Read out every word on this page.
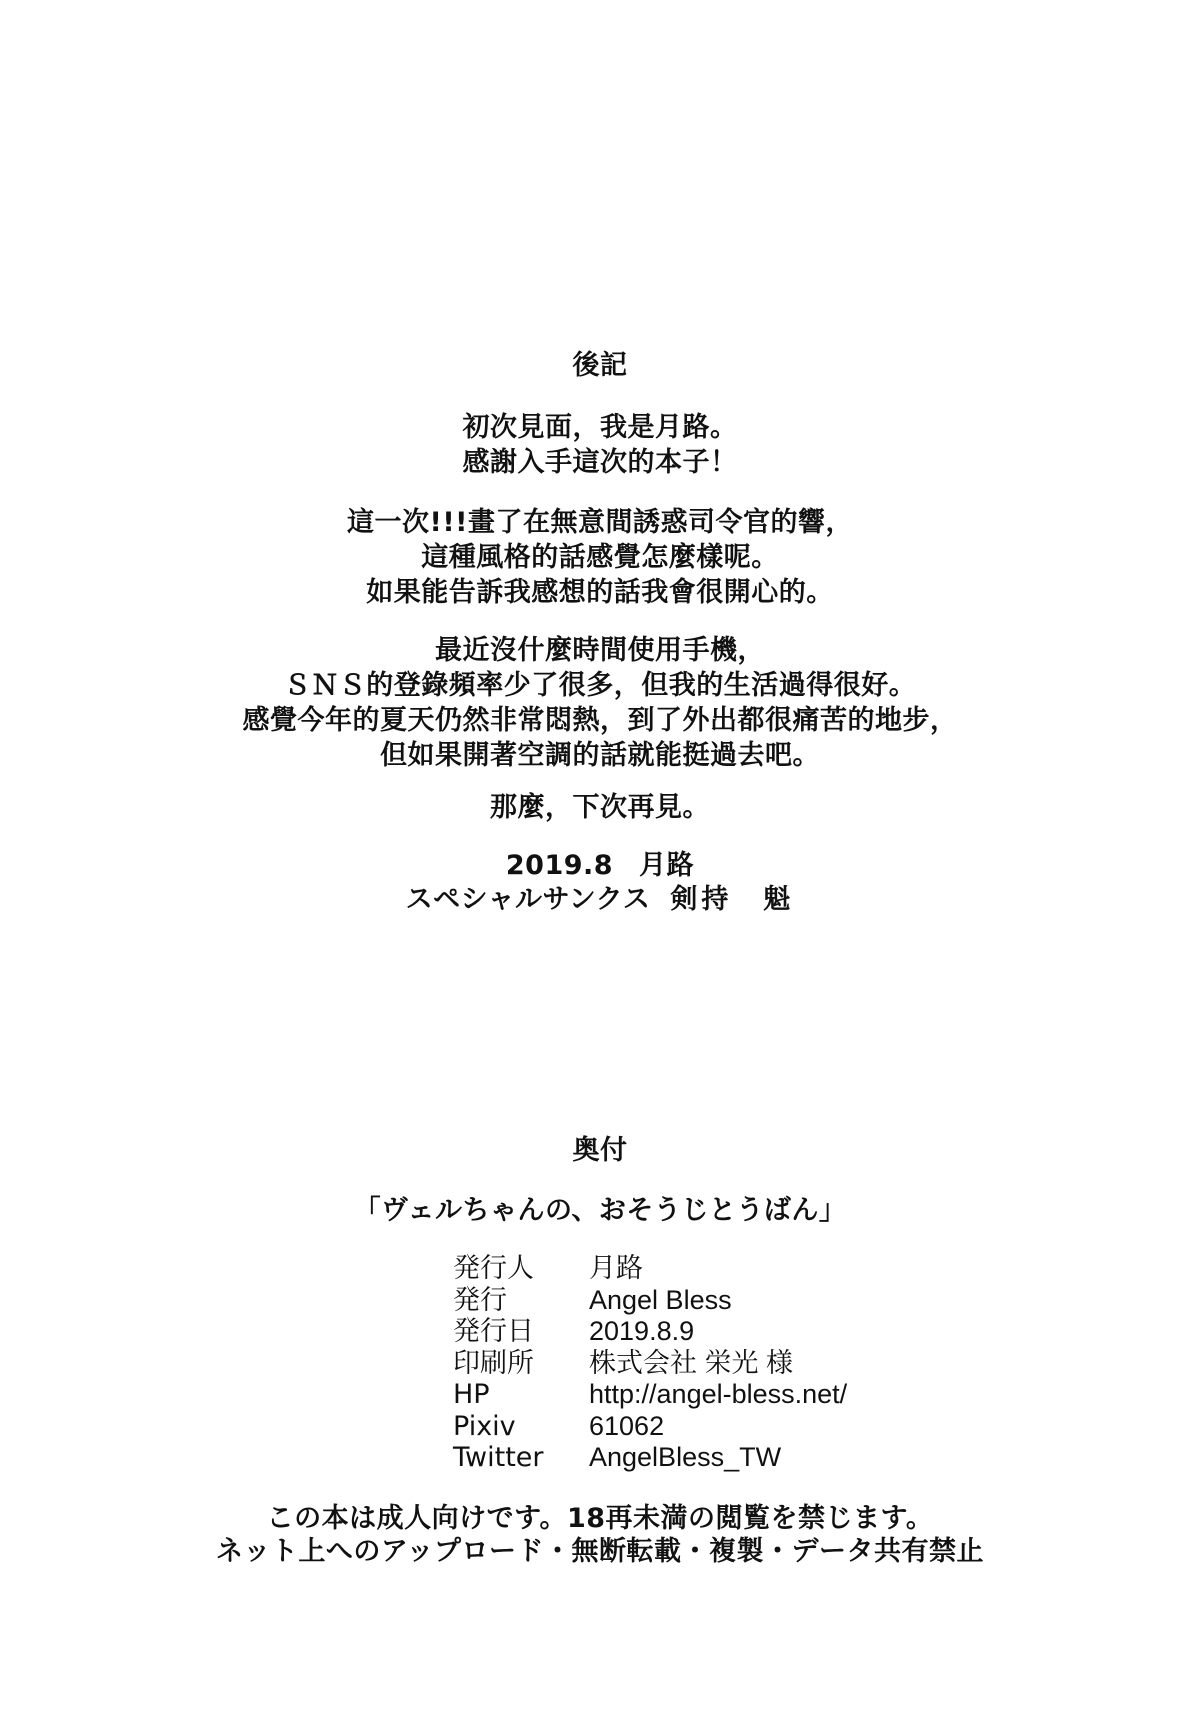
後記
初次見面，我是月路。
感謝入手這次的本子！
這一次!!!畫了在無意間誘惑司令官的響，
這種風格的話感覺怎麼樣呢。
如果能告訴我感想的話我會很開心的。
最近沒什麼時間使用手機，
ＳＮＳ的登錄頻率少了很多，但我的生活過得很好。
感覺今年的夏天仍然非常悶熱，到了外出都很痛苦的地步，
但如果開著空調的話就能挺過去吧。
那麼，下次再見。
2019.8 月路
スペシャルサンクス 剣持　魁
奥付
「ヴェルちゃんの、おそうじとうばん」
発行人	月路
発行	Angel Bless
発行日	2019.8.9
印刷所	株式会社 栄光 様
HP	http://angel-bless.net/
Pixiv	61062
Twitter	AngelBless_TW
この本は成人向けです。18再未満の閲覧を禁じます。
ネット上へのアップロード・無断転載・複製・データ共有禁止
